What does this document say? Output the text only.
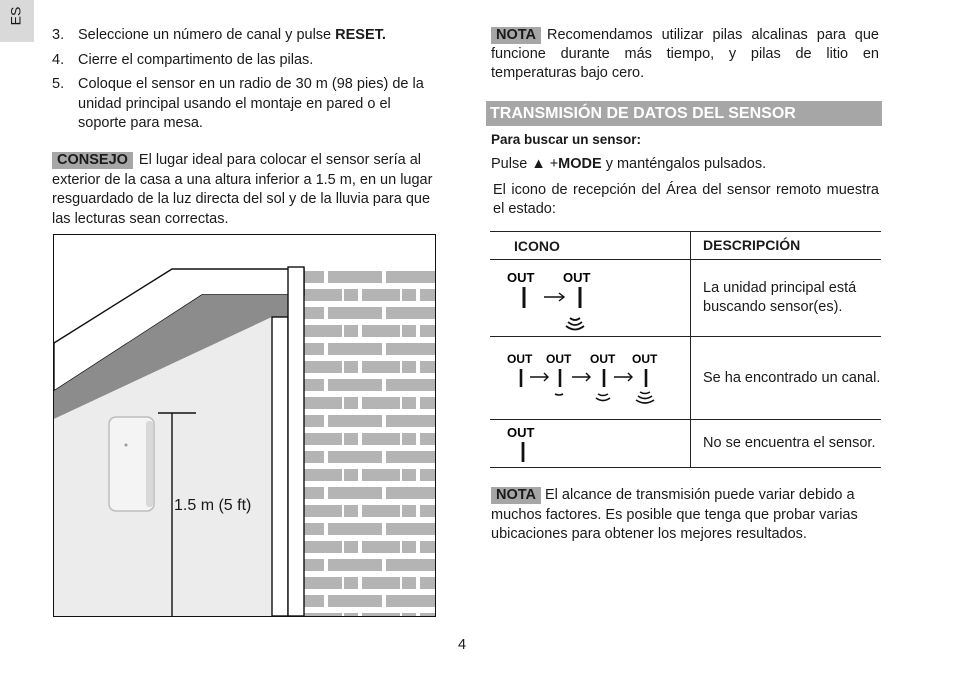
ES
3. Seleccione un número de canal y pulse RESET.
4. Cierre el compartimento de las pilas.
5. Coloque el sensor en un radio de 30 m (98 pies) de la unidad principal usando el montaje en pared o el soporte para mesa.
CONSEJO El lugar ideal para colocar el sensor sería al exterior de la casa a una altura inferior a 1.5 m, en un lugar resguardado de la luz directa del sol y de la lluvia para que las lecturas sean correctas.
1.5 m (5 ft)
NOTA Recomendamos utilizar pilas alcalinas para que funcione durante más tiempo, y pilas de litio en temperaturas bajo cero.
TRANSMISIÓN DE DATOS DEL SENSOR
Para buscar un sensor:
Pulse ▲ +MODE y manténgalos pulsados.
El icono de recepción del Área del sensor remoto muestra el estado:
ICONO	DESCRIPCIÓN

OUT OUT	La unidad principal está buscando sensor(es).

OUT OUT OUT OUT	Se ha encontrado un canal.

OUT	No se encuentra el sensor.
NOTA El alcance de transmisión puede variar debido a muchos factores. Es posible que tenga que probar varias ubicaciones para obtener los mejores resultados.
4
